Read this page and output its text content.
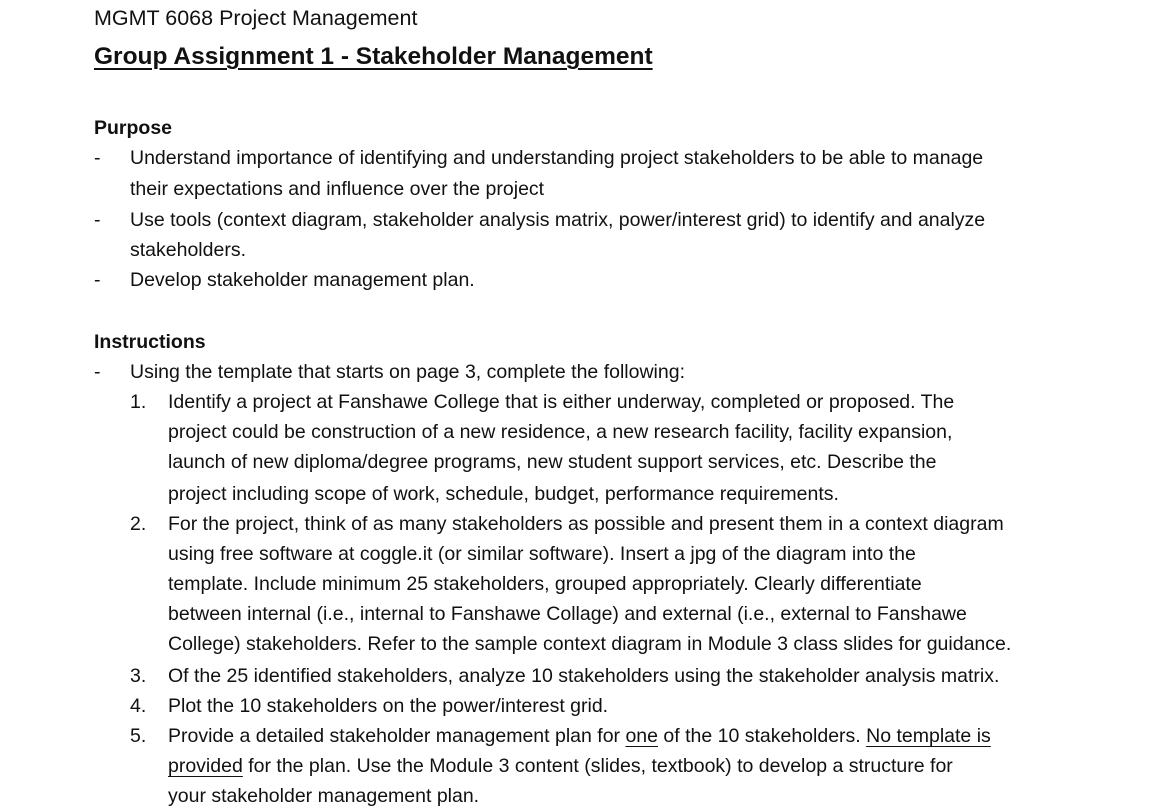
MGMT 6068 Project Management
Group Assignment 1 - Stakeholder Management
Purpose
- Understand importance of identifying and understanding project stakeholders to be able to manage
their expectations and influence over the project
- Use tools (context diagram, stakeholder analysis matrix, power/interest grid) to identify and analyze
stakeholders.
- Develop stakeholder management plan.
Instructions
- Using the template that starts on page 3, complete the following:
1. Identify a project at Fanshawe College that is either underway, completed or proposed. The
project could be construction of a new residence, a new research facility, facility expansion,
launch of new diploma/degree programs, new student support services, etc. Describe the
project including scope of work, schedule, budget, performance requirements.
2. For the project, think of as many stakeholders as possible and present them in a context diagram
using free software at coggle.it (or similar software). Insert a jpg of the diagram into the
template. Include minimum 25 stakeholders, grouped appropriately. Clearly differentiate
between internal (i.e., internal to Fanshawe Collage) and external (i.e., external to Fanshawe
College) stakeholders. Refer to the sample context diagram in Module 3 class slides for guidance.
3. Of the 25 identified stakeholders, analyze 10 stakeholders using the stakeholder analysis matrix.
4. Plot the 10 stakeholders on the power/interest grid.
5. Provide a detailed stakeholder management plan for one of the 10 stakeholders. No template is
provided for the plan. Use the Module 3 content (slides, textbook) to develop a structure for
your stakeholder management plan.
